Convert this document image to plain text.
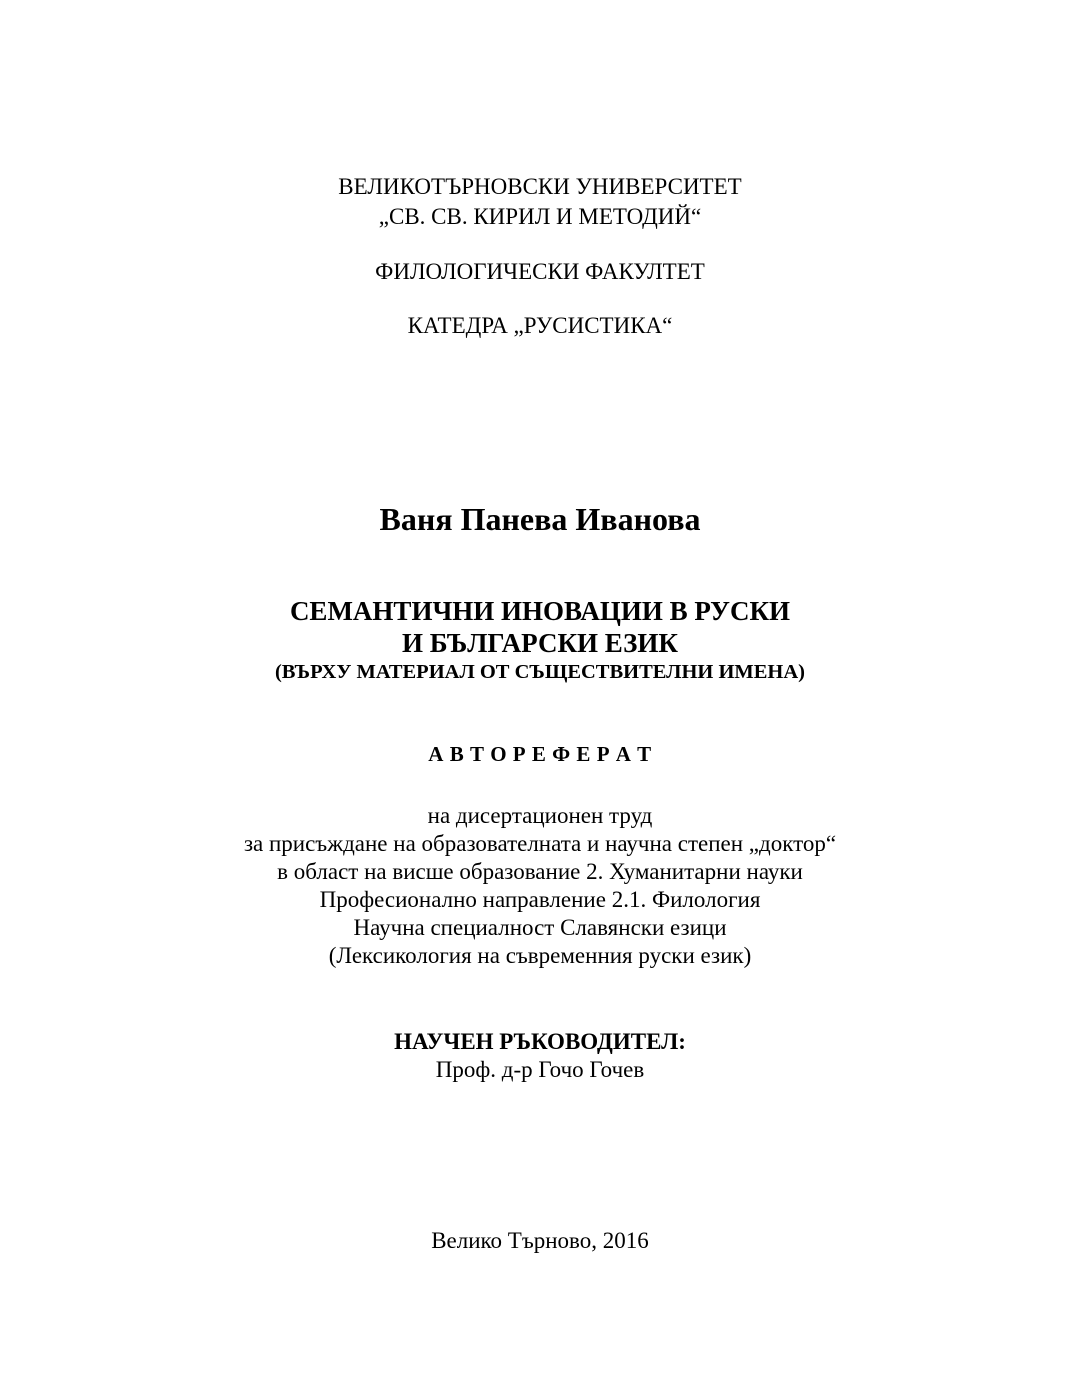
ВЕЛИКОТЪРНОВСКИ УНИВЕРСИТЕТ
„СВ. СВ. КИРИЛ И МЕТОДИЙ“
ФИЛОЛОГИЧЕСКИ ФАКУЛТЕТ
КАТЕДРА „РУСИСТИКА“
Ваня Панева Иванова
СЕМАНТИЧНИ ИНОВАЦИИ В РУСКИ
И БЪЛГАРСКИ ЕЗИК
(ВЪРХУ МАТЕРИАЛ ОТ СЪЩЕСТВИТЕЛНИ ИМЕНА)
А В Т О Р Е Ф Е Р А Т
на дисертационен труд
за присъждане на образователната и научна степен „доктор“
в област на висше образование 2. Хуманитарни науки
Професионално направление 2.1. Филология
Научна специалност Славянски езици
(Лексикология на съвременния руски език)
НАУЧЕН РЪКОВОДИТЕЛ:
Проф. д-р Гочо Гочев
Велико Търново, 2016
